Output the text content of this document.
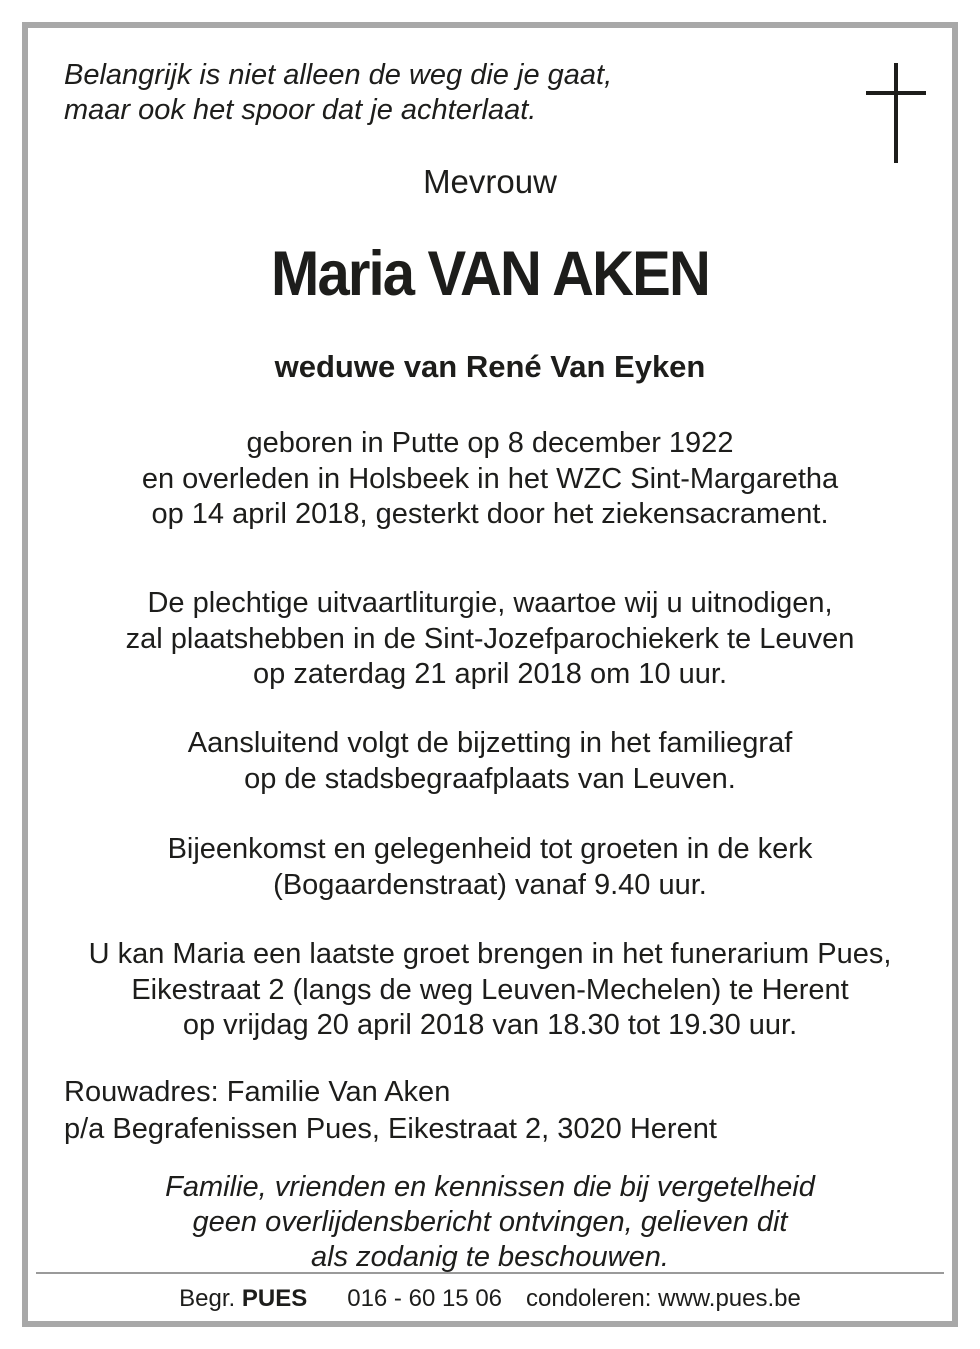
Belangrijk is niet alleen de weg die je gaat,
maar ook het spoor dat je achterlaat.

Mevrouw

Maria VAN AKEN

weduwe van René Van Eyken

geboren in Putte op 8 december 1922
en overleden in Holsbeek in het WZC Sint-Margaretha
op 14 april 2018, gesterkt door het ziekensacrament.

De plechtige uitvaartliturgie, waartoe wij u uitnodigen,
zal plaatshebben in de Sint-Jozefparochiekerk te Leuven
op zaterdag 21 april 2018 om 10 uur.

Aansluitend volgt de bijzetting in het familiegraf
op de stadsbegraafplaats van Leuven.

Bijeenkomst en gelegenheid tot groeten in de kerk
(Bogaardenstraat) vanaf 9.40 uur.

U kan Maria een laatste groet brengen in het funerarium Pues,
Eikestraat 2 (langs de weg Leuven-Mechelen) te Herent
op vrijdag 20 april 2018 van 18.30 tot 19.30 uur.

Rouwadres: Familie Van Aken
p/a Begrafenissen Pues, Eikestraat 2, 3020 Herent

Familie, vrienden en kennissen die bij vergetelheid
geen overlijdensbericht ontvingen, gelieven dit
als zodanig te beschouwen.

Begr. PUES 016 - 60 15 06 condoleren: www.pues.be
